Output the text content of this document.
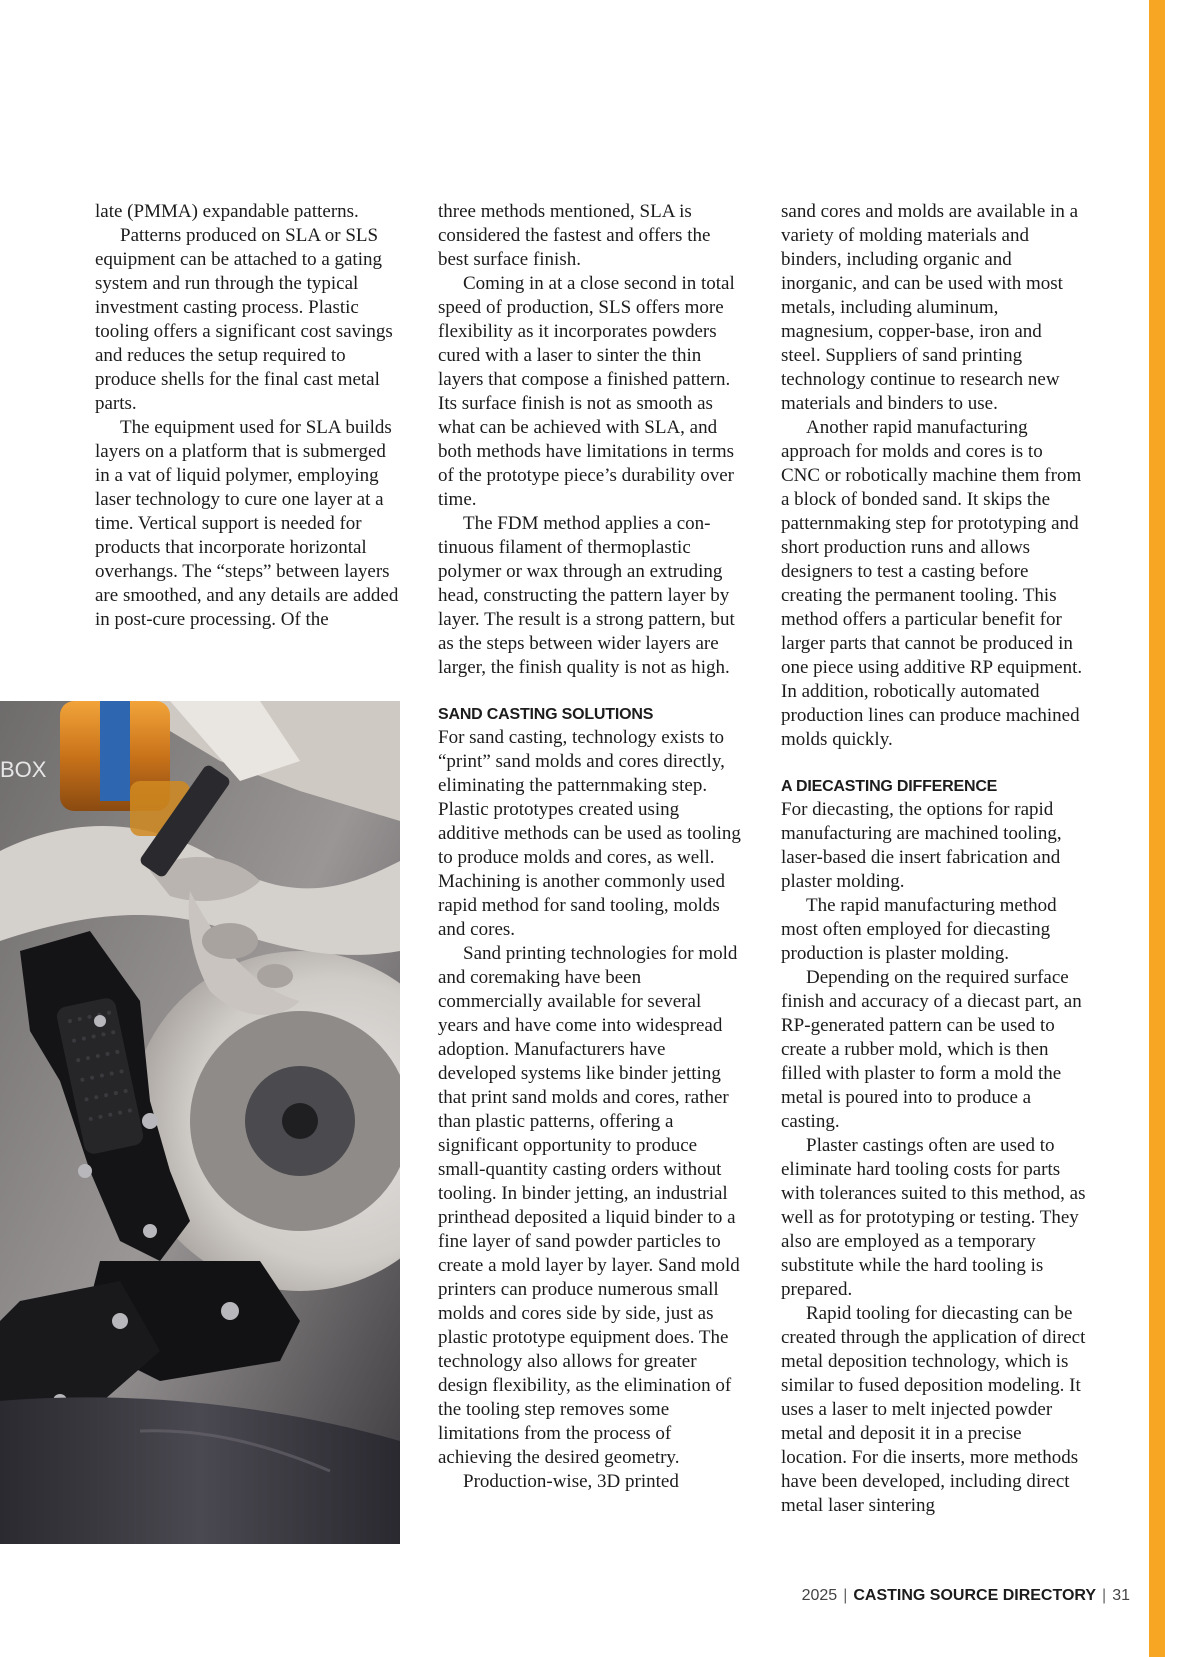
late (PMMA) expandable patterns.

Patterns produced on SLA or SLS equipment can be attached to a gating system and run through the typical investment casting process. Plastic tooling offers a significant cost savings and reduces the setup required to produce shells for the final cast metal parts.

The equipment used for SLA builds layers on a platform that is submerged in a vat of liquid polymer, employing laser technology to cure one layer at a time. Vertical support is needed for products that incorporate horizontal overhangs. The “steps” between layers are smoothed, and any details are added in post-cure processing. Of the

three methods mentioned, SLA is considered the fastest and offers the best surface finish.

Coming in at a close second in total speed of production, SLS offers more flexibility as it incorporates powders cured with a laser to sinter the thin layers that compose a finished pattern. Its surface finish is not as smooth as what can be achieved with SLA, and both methods have limitations in terms of the prototype piece’s durability over time.

The FDM method applies a continuous filament of thermoplastic polymer or wax through an extruding head, constructing the pattern layer by layer. The result is a strong pattern, but as the steps between wider layers are larger, the finish quality is not as high.

SAND CASTING SOLUTIONS

For sand casting, technology exists to “print” sand molds and cores directly, eliminating the patternmaking step. Plastic prototypes created using additive methods can be used as tooling to produce molds and cores, as well. Machining is another commonly used rapid method for sand tooling, molds and cores.

Sand printing technologies for mold and coremaking have been commercially available for several years and have come into widespread adoption. Manufacturers have developed systems like binder jetting that print sand molds and cores, rather than plastic patterns, offering a significant opportunity to produce small-quantity casting orders without tooling. In binder jetting, an industrial printhead deposited a liquid binder to a fine layer of sand powder particles to create a mold layer by layer. Sand mold printers can produce numerous small molds and cores side by side, just as plastic prototype equipment does. The technology also allows for greater design flexibility, as the elimination of the tooling step removes some limitations from the process of achieving the desired geometry.

Production-wise, 3D printed

sand cores and molds are available in a variety of molding materials and binders, including organic and inorganic, and can be used with most metals, including aluminum, magnesium, copper-base, iron and steel. Suppliers of sand printing technology continue to research new materials and binders to use.

Another rapid manufacturing approach for molds and cores is to CNC or robotically machine them from a block of bonded sand. It skips the patternmaking step for prototyping and short production runs and allows designers to test a casting before creating the permanent tooling. This method offers a particular benefit for larger parts that cannot be produced in one piece using additive RP equipment. In addition, robotically automated production lines can produce machined molds quickly.

A DIECASTING DIFFERENCE

For diecasting, the options for rapid manufacturing are machined tooling, laser-based die insert fabrication and plaster molding.

The rapid manufacturing method most often employed for diecasting production is plaster molding.

Depending on the required surface finish and accuracy of a diecast part, an RP-generated pattern can be used to create a rubber mold, which is then filled with plaster to form a mold the metal is poured into to produce a casting.

Plaster castings often are used to eliminate hard tooling costs for parts with tolerances suited to this method, as well as for prototyping or testing. They also are employed as a temporary substitute while the hard tooling is prepared.

Rapid tooling for diecasting can be created through the application of direct metal deposition technology, which is similar to fused deposition modeling. It uses a laser to melt injected powder metal and deposit it in a precise location. For die inserts, more methods have been developed, including direct metal laser sintering

BOX
2025 | CASTING SOURCE DIRECTORY | 31
